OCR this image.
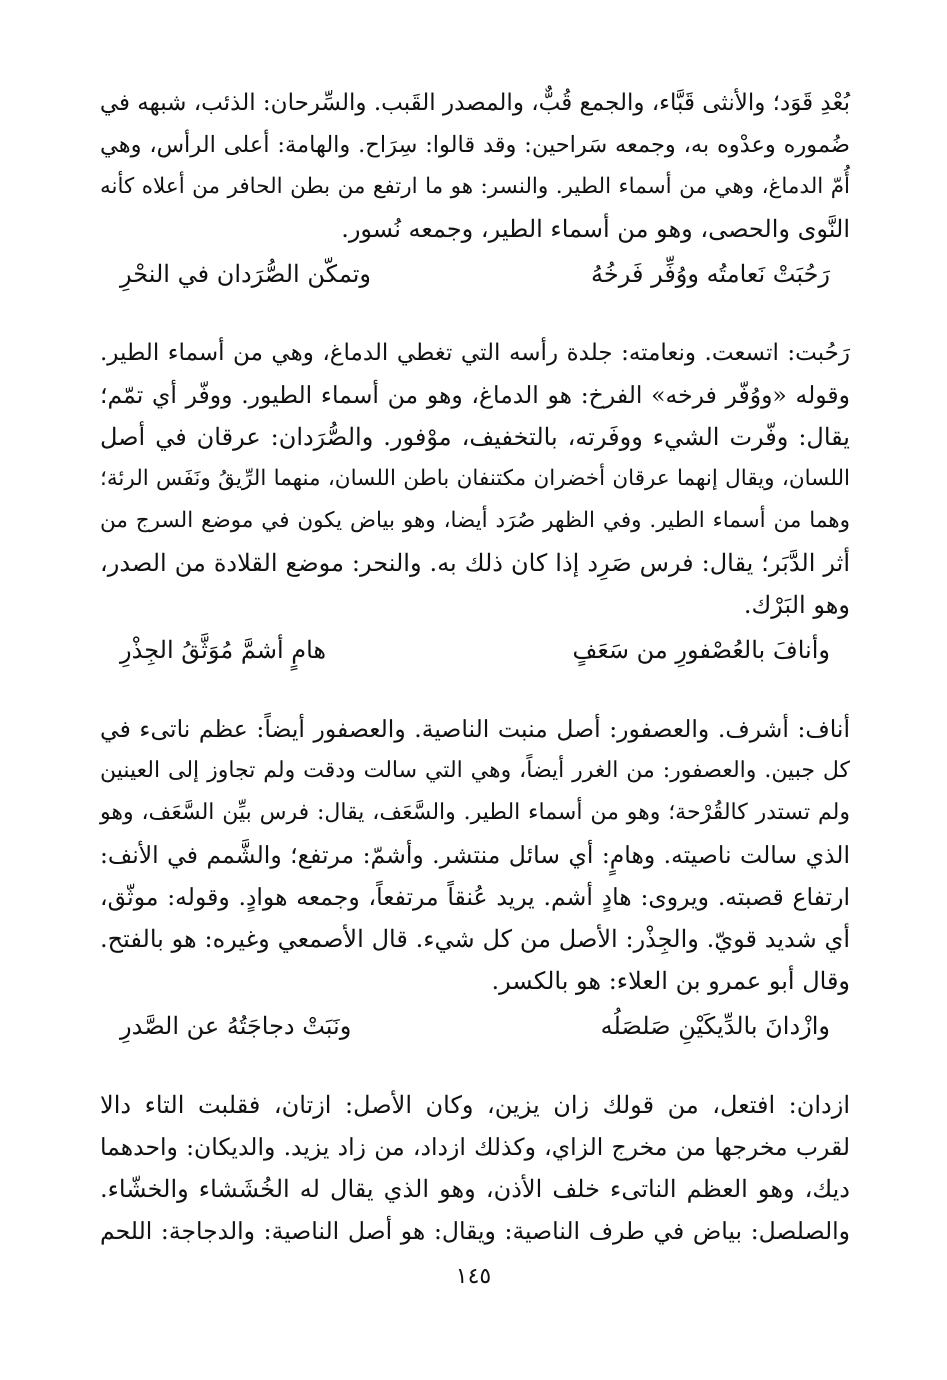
بُعْدِ قَوَد؛ والأنثى قَبَّاء، والجمع قُبٌّ، والمصدر القَبب. والسِّرحان: الذئب، شبهه في
ضُموره وعدْوه به، وجمعه سَراحين: وقد قالوا: سِرَاح. والهامة: أعلى الرأس، وهي
أُمّ الدماغ، وهي من أسماء الطير. والنسر: هو ما ارتفع من بطن الحافر من أعلاه كأنه
النَّوى والحصى، وهو من أسماء الطير، وجمعه نُسور.
رَحُبَتْ نَعامتُه ووُفِّر فَرخُهُ
وتمكّن الصُّرَدان في النحْرِ
رَحُبت: اتسعت. ونعامته: جلدة رأسه التي تغطي الدماغ، وهي من أسماء الطير.
وقوله «ووُفّر فرخه» الفرخ: هو الدماغ، وهو من أسماء الطيور. ووفّر أي تمّم؛
يقال: وفّرت الشيء ووفَرته، بالتخفيف، موْفور. والصُّرَدان: عرقان في أصل
اللسان، ويقال إنهما عرقان أخضران مكتنفان باطن اللسان، منهما الرِّيقُ ونَفَس الرئة؛
وهما من أسماء الطير. وفي الظهر صُرَد أيضا، وهو بياض يكون في موضع السرج من
أثر الدَّبَر؛ يقال: فرس صَرِد إذا كان ذلك به. والنحر: موضع القلادة من الصدر،
وهو البَرْك.
وأنافَ بالعُصْفورِ من سَعَفٍ
هامٍ أشمَّ مُوَثَّقُ الجِذْرِ
أناف: أشرف. والعصفور: أصل منبت الناصية. والعصفور أيضاً: عظم ناتىء في
كل جبين. والعصفور: من الغرر أيضاً، وهي التي سالت ودقت ولم تجاوز إلى العينين
ولم تستدر كالقُرْحة؛ وهو من أسماء الطير. والسَّعَف، يقال: فرس بيِّن السَّعَف، وهو
الذي سالت ناصيته. وهامٍ: أي سائل منتشر. وأشمّ: مرتفع؛ والشَّمم في الأنف:
ارتفاع قصبته. ويروى: هادٍ أشم. يريد عُنقاً مرتفعاً، وجمعه هوادٍ. وقوله: موثّق،
أي شديد قويّ. والجِذْر: الأصل من كل شيء. قال الأصمعي وغيره: هو بالفتح.
وقال أبو عمرو بن العلاء: هو بالكسر.
وازْدانَ بالدِّيكَيْنِ صَلصَلُه
ونَبَتْ دجاجَتُهُ عن الصَّدرِ
ازدان: افتعل، من قولك زان يزين، وكان الأصل: ازتان، فقلبت التاء دالا
لقرب مخرجها من مخرج الزاي، وكذلك ازداد، من زاد يزيد. والديكان: واحدهما
ديك، وهو العظم الناتىء خلف الأذن، وهو الذي يقال له الخُشَشاء والخشّاء.
والصلصل: بياض في طرف الناصية: ويقال: هو أصل الناصية: والدجاجة: اللحم
١٤٥
